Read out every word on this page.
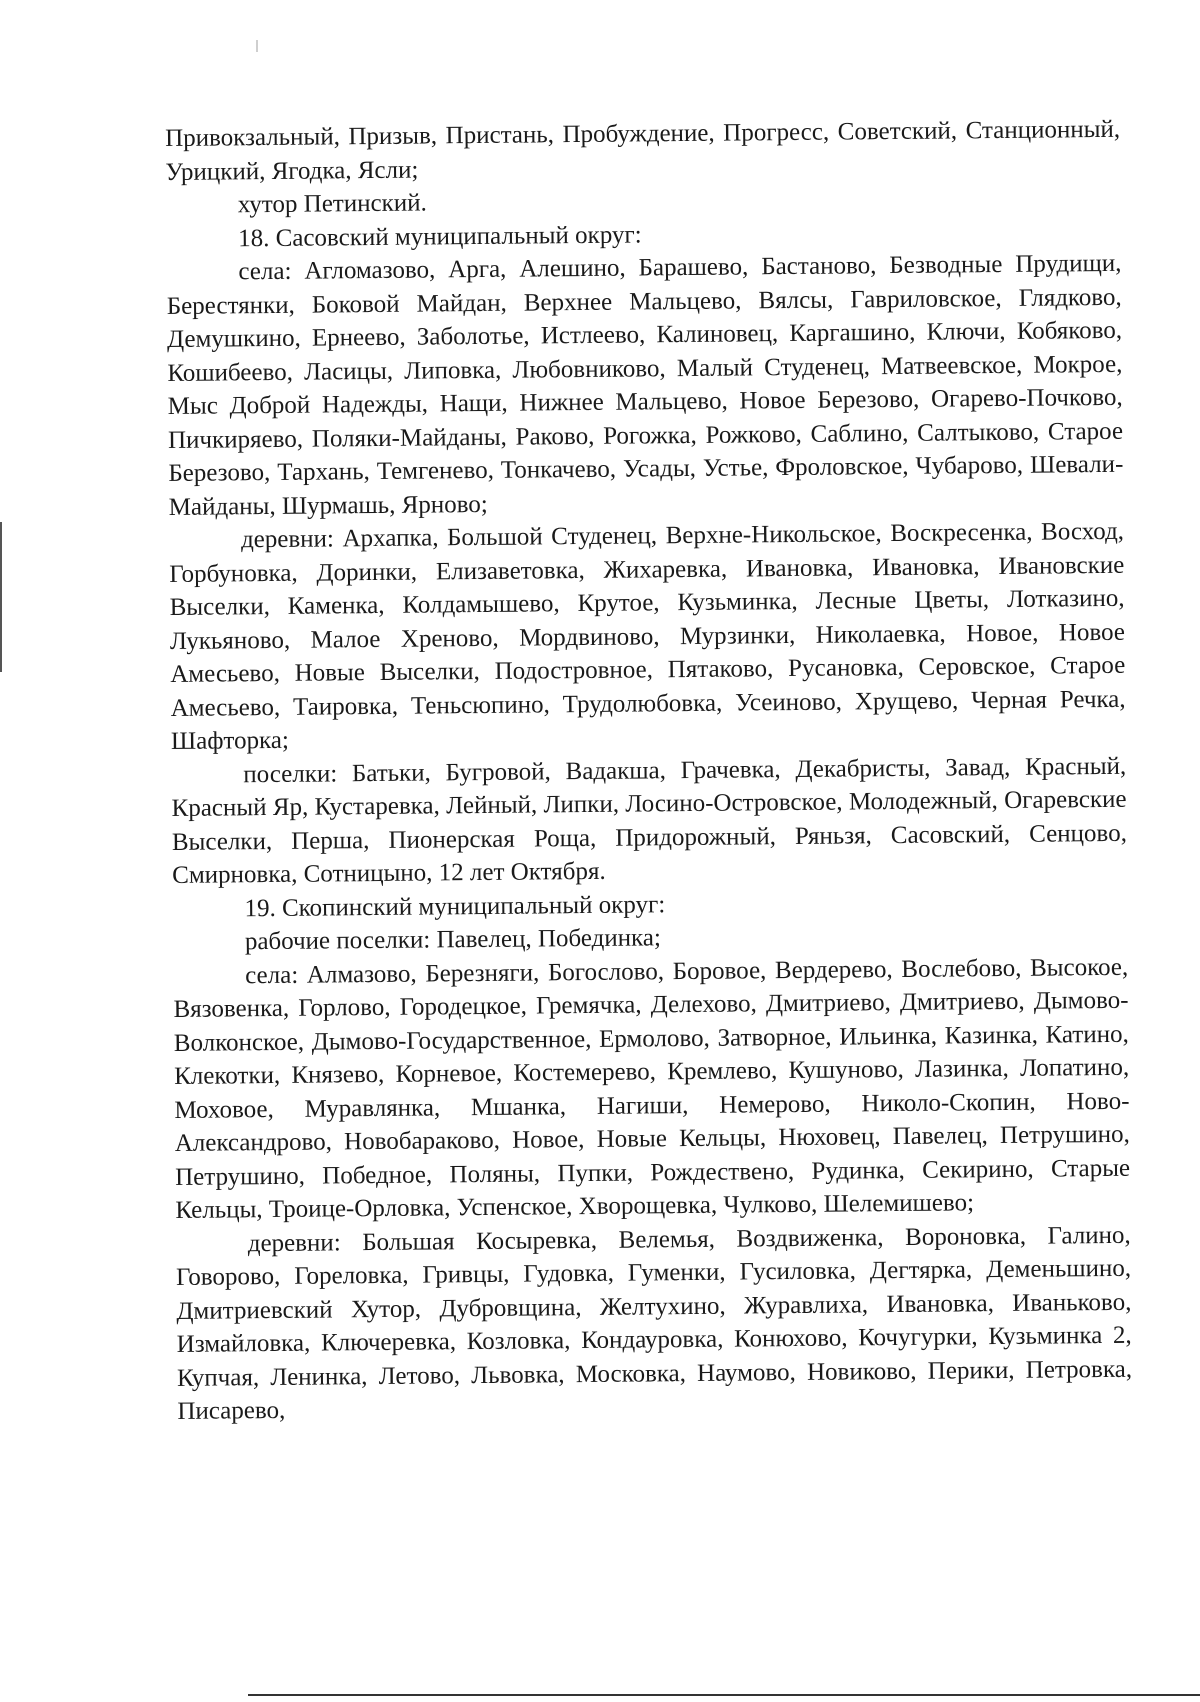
Привокзальный, Призыв, Пристань, Пробуждение, Прогресс, Советский, Станционный, Урицкий, Ягодка, Ясли;

хутор Петинский.

18. Сасовский муниципальный округ:

села: Агломазово, Арга, Алешино, Барашево, Бастаново, Безводные Прудищи, Берестянки, Боковой Майдан, Верхнее Мальцево, Вялсы, Гавриловское, Глядково, Демушкино, Ернеево, Заболотье, Истлеево, Калиновец, Каргашино, Ключи, Кобяково, Кошибеево, Ласицы, Липовка, Любовниково, Малый Студенец, Матвеевское, Мокрое, Мыс Доброй Надежды, Нащи, Нижнее Мальцево, Новое Березово, Огарево-Почково, Пичкиряево, Поляки-Майданы, Раково, Рогожка, Рожково, Саблино, Салтыково, Старое Березово, Тархань, Темгенево, Тонкачево, Усады, Устье, Фроловское, Чубарово, Шевали-Майданы, Шурмашь, Ярново;

деревни: Архапка, Большой Студенец, Верхне-Никольское, Воскресенка, Восход, Горбуновка, Доринки, Елизаветовка, Жихаревка, Ивановка, Ивановка, Ивановские Выселки, Каменка, Колдамышево, Крутое, Кузьминка, Лесные Цветы, Лотказино, Лукьяново, Малое Хреново, Мордвиново, Мурзинки, Николаевка, Новое, Новое Амесьево, Новые Выселки, Подостровное, Пятаково, Русановка, Серовское, Старое Амесьево, Таировка, Теньсюпино, Трудолюбовка, Усеиново, Хрущево, Черная Речка, Шафторка;

поселки: Батьки, Бугровой, Вадакша, Грачевка, Декабристы, Завад, Красный, Красный Яр, Кустаревка, Лейный, Липки, Лосино-Островское, Молодежный, Огаревские Выселки, Перша, Пионерская Роща, Придорожный, Ряньзя, Сасовский, Сенцово, Смирновка, Сотницыно, 12 лет Октября.

19. Скопинский муниципальный округ:

рабочие поселки: Павелец, Побединка;

села: Алмазово, Березняги, Богослово, Боровое, Вердерево, Вослебово, Высокое, Вязовенка, Горлово, Городецкое, Гремячка, Делехово, Дмитриево, Дмитриево, Дымово-Волконское, Дымово-Государственное, Ермолово, Затворное, Ильинка, Казинка, Катино, Клекотки, Князево, Корневое, Костемерево, Кремлево, Кушуново, Лазинка, Лопатино, Моховое, Муравлянка, Мшанка, Нагиши, Немерово, Николо-Скопин, Ново-Александрово, Новобараково, Новое, Новые Кельцы, Нюховец, Павелец, Петрушино, Петрушино, Победное, Поляны, Пупки, Рождествено, Рудинка, Секирино, Старые Кельцы, Троице-Орловка, Успенское, Хворощевка, Чулково, Шелемишево;

деревни: Большая Косыревка, Велемья, Воздвиженка, Вороновка, Галино, Говорово, Гореловка, Гривцы, Гудовка, Гуменки, Гусиловка, Дегтярка, Деменьшино, Дмитриевский Хутор, Дубровщина, Желтухино, Журавлиха, Ивановка, Иваньково, Измайловка, Ключеревка, Козловка, Кондауровка, Конюхово, Кочугурки, Кузьминка 2, Купчая, Ленинка, Летово, Львовка, Московка, Наумово, Новиково, Перики, Петровка, Писарево,
